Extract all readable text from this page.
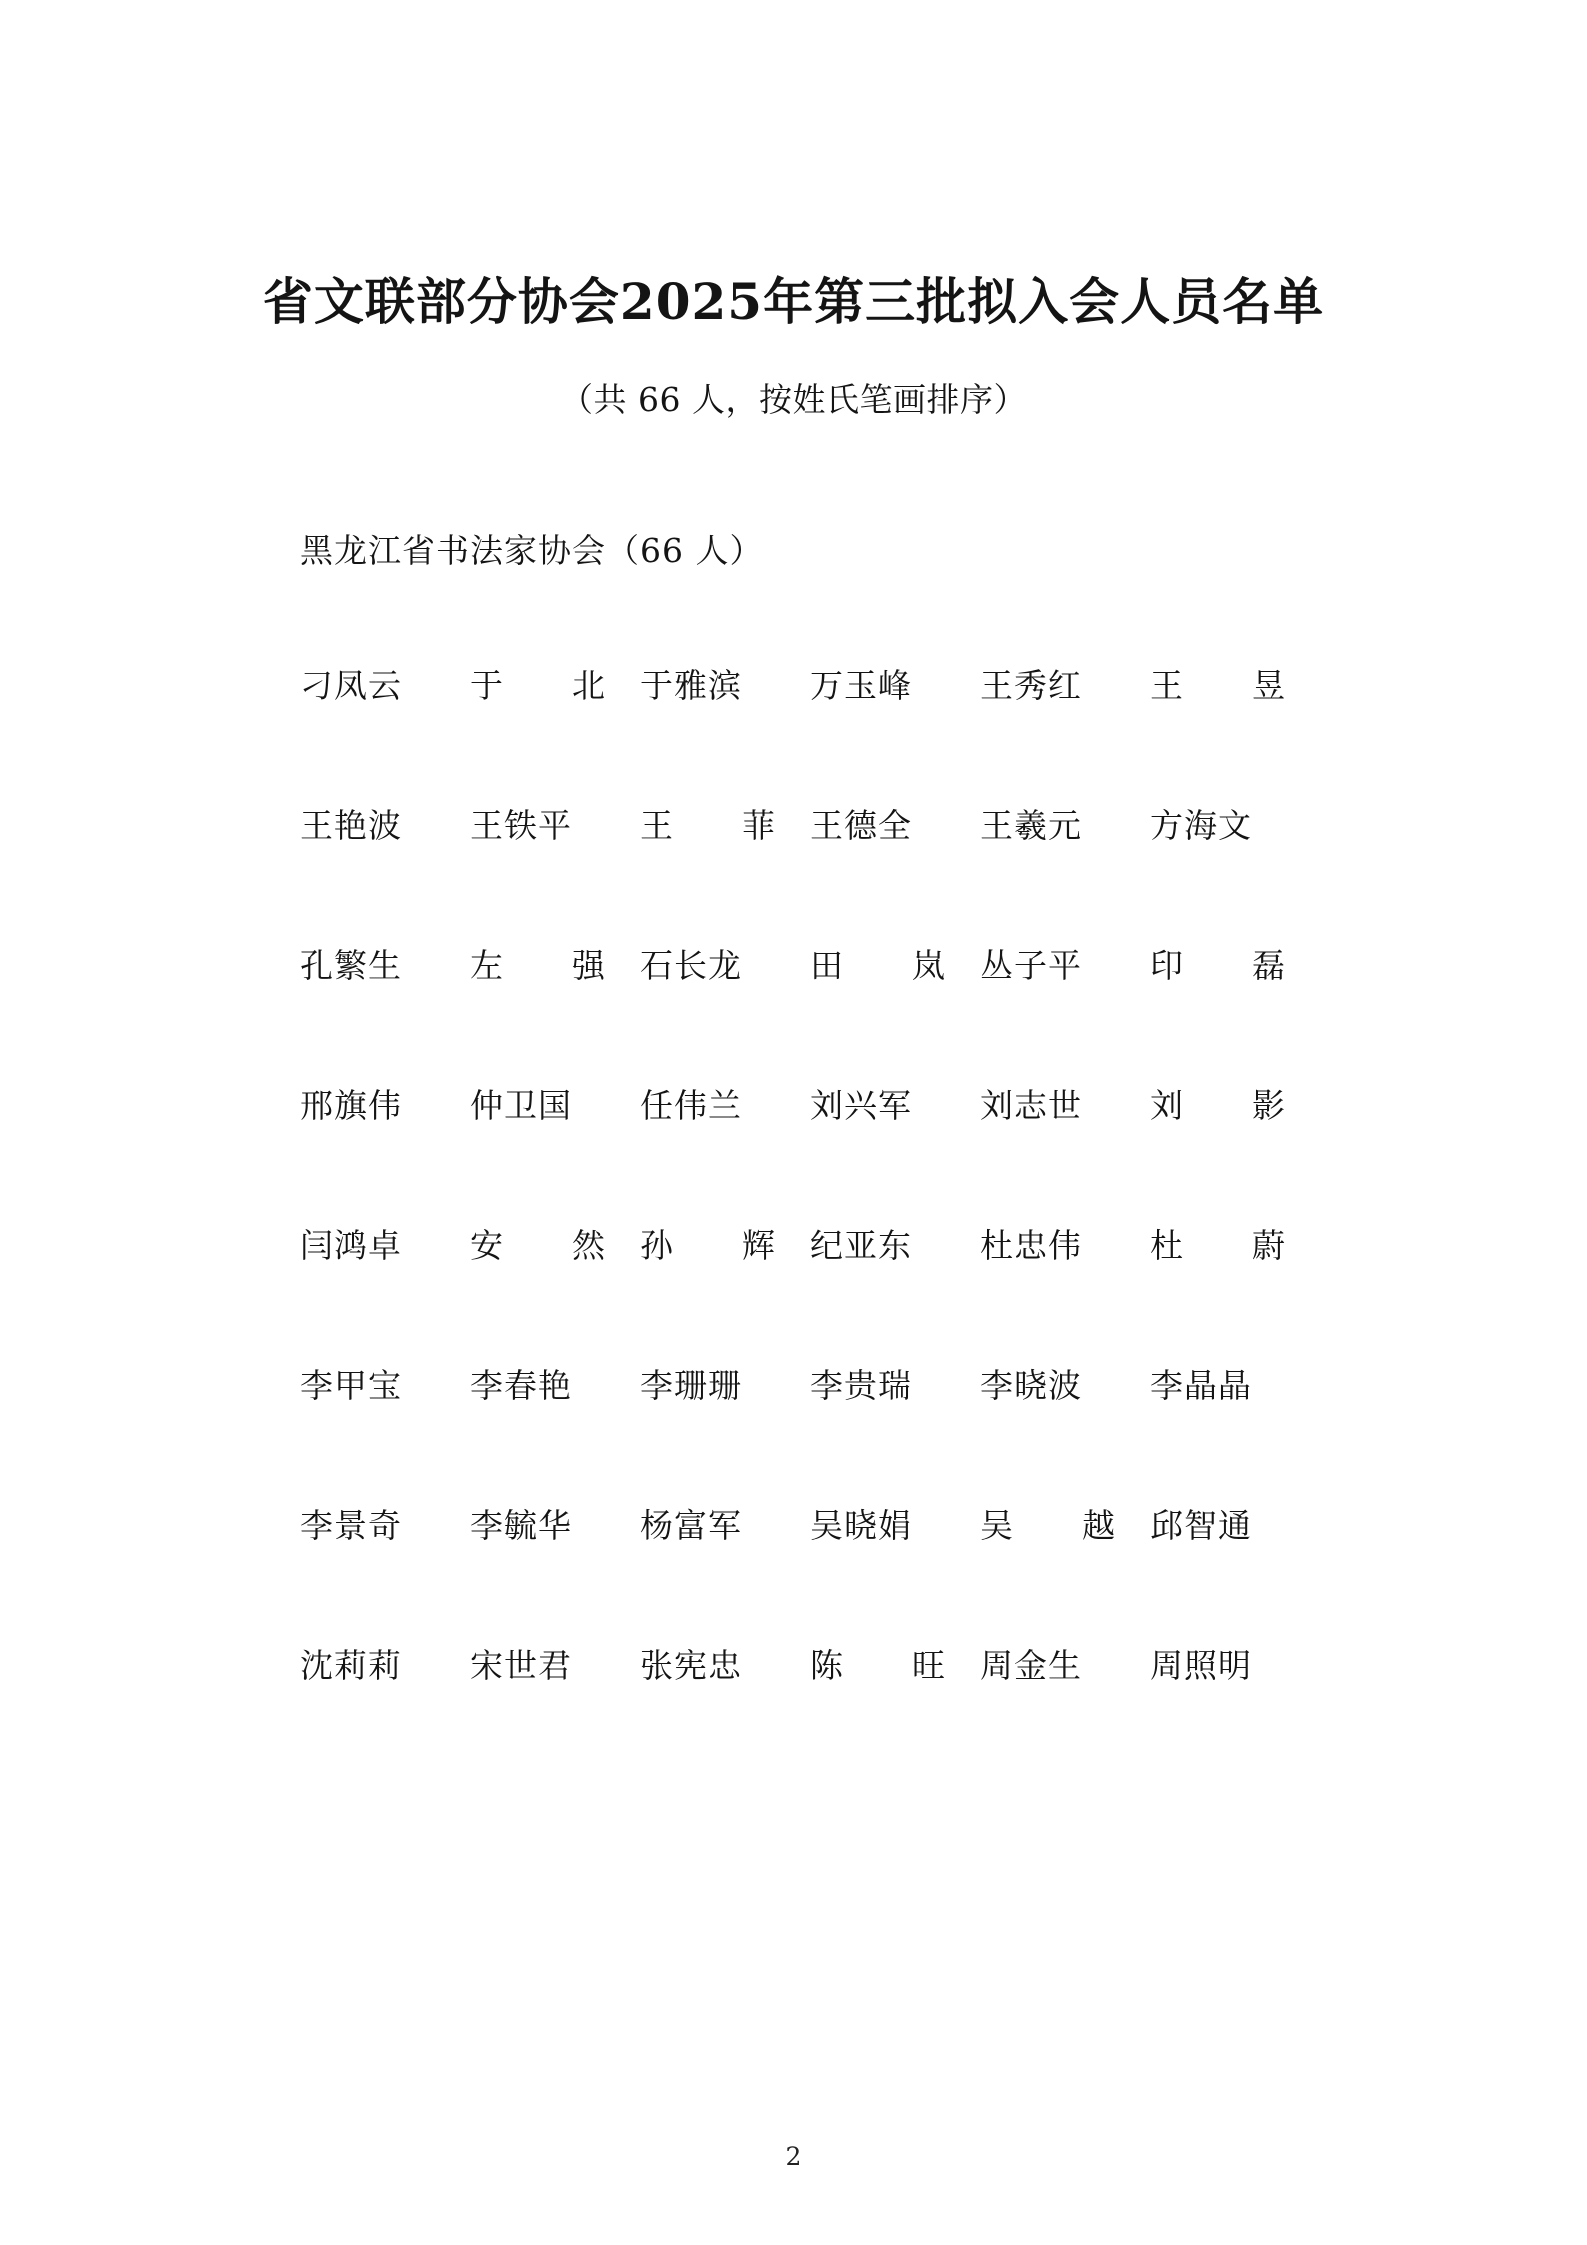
省文联部分协会2025年第三批拟入会人员名单
（共 66 人，按姓氏笔画排序）
黑龙江省书法家协会（66 人）
刁凤云	于　　北	于雅滨	万玉峰	王秀红	王　　昱
王艳波	王铁平	王　　菲	王德全	王羲元	方海文
孔繁生	左　　强	石长龙	田　　岚	丛子平	印　　磊
邢旗伟	仲卫国	任伟兰	刘兴军	刘志世	刘　　影
闫鸿卓	安　　然	孙　　辉	纪亚东	杜忠伟	杜　　蔚
李甲宝	李春艳	李珊珊	李贵瑞	李晓波	李晶晶
李景奇	李毓华	杨富军	吴晓娟	吴　　越	邱智通
沈莉莉	宋世君	张宪忠	陈　　旺	周金生	周照明
2
